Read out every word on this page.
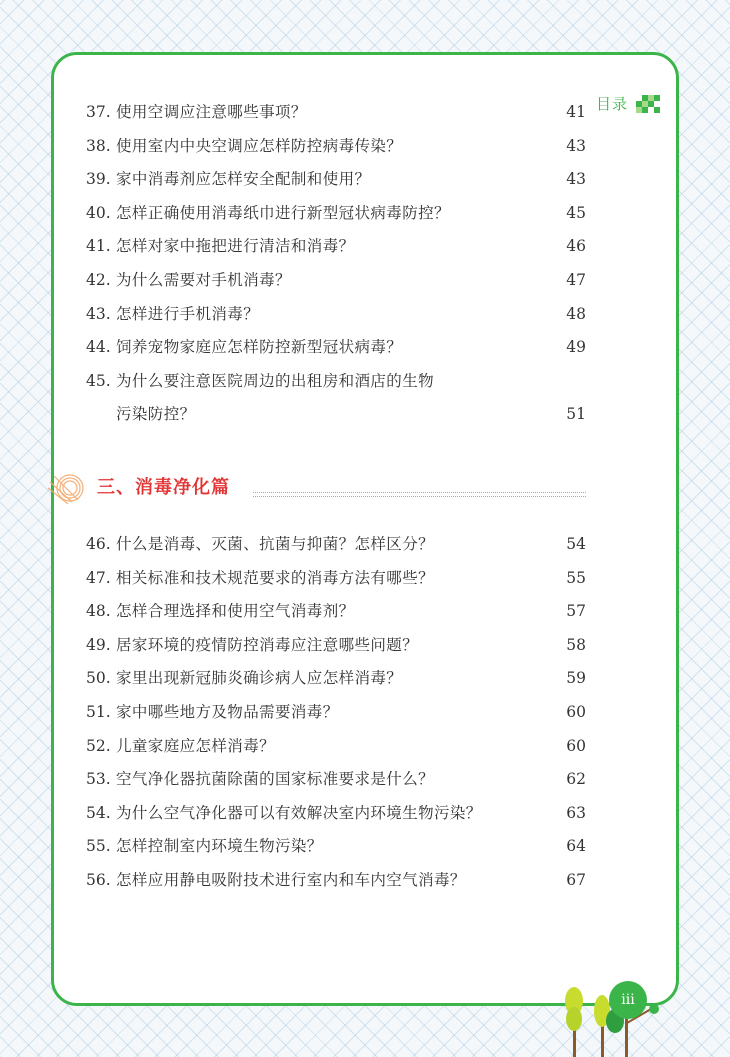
目录
37. 使用空调应注意哪些事项？	41
38. 使用室内中央空调应怎样防控病毒传染？	43
39. 家中消毒剂应怎样安全配制和使用？	43
40. 怎样正确使用消毒纸巾进行新型冠状病毒防控？	45
41. 怎样对家中拖把进行清洁和消毒？	46
42. 为什么需要对手机消毒？	47
43. 怎样进行手机消毒？	48
44. 饲养宠物家庭应怎样防控新型冠状病毒？	49
45. 为什么要注意医院周边的出租房和酒店的生物
污染防控？	51
三、消毒净化篇
46. 什么是消毒、灭菌、抗菌与抑菌？怎样区分？	54
47. 相关标准和技术规范要求的消毒方法有哪些？	55
48. 怎样合理选择和使用空气消毒剂？	57
49. 居家环境的疫情防控消毒应注意哪些问题？	58
50. 家里出现新冠肺炎确诊病人应怎样消毒？	59
51. 家中哪些地方及物品需要消毒？	60
52. 儿童家庭应怎样消毒？	60
53. 空气净化器抗菌除菌的国家标准要求是什么？	62
54. 为什么空气净化器可以有效解决室内环境生物污染？	63
55. 怎样控制室内环境生物污染？	64
56. 怎样应用静电吸附技术进行室内和车内空气消毒？	67
iii
